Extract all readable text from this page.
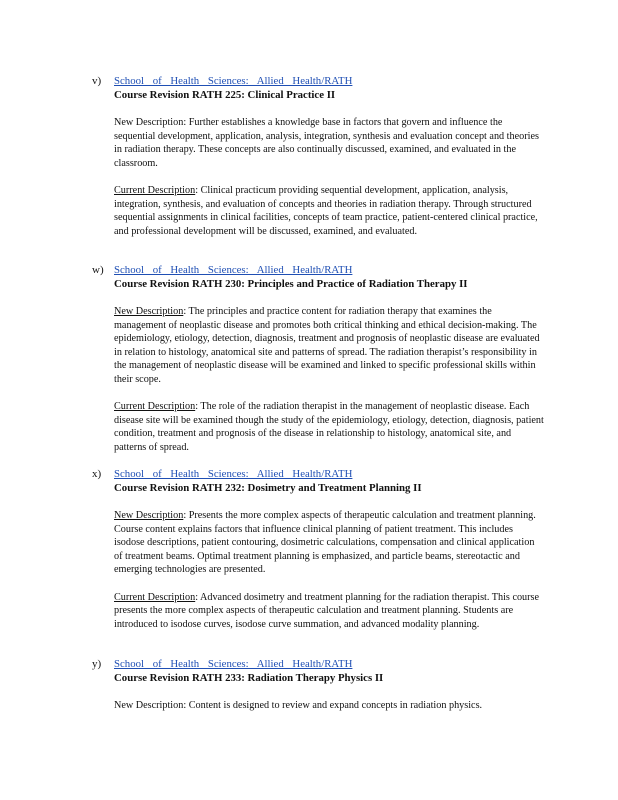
v) School of Health Sciences: Allied Health/RATH
Course Revision RATH 225: Clinical Practice II

New Description: Further establishes a knowledge base in factors that govern and influence the sequential development, application, analysis, integration, synthesis and evaluation concept and theories in radiation therapy. These concepts are also continually discussed, examined, and evaluated in the classroom.

Current Description: Clinical practicum providing sequential development, application, analysis, integration, synthesis, and evaluation of concepts and theories in radiation therapy. Through structured sequential assignments in clinical facilities, concepts of team practice, patient-centered clinical practice, and professional development will be discussed, examined, and evaluated.

w) School of Health Sciences: Allied Health/RATH
Course Revision RATH 230: Principles and Practice of Radiation Therapy II

New Description: The principles and practice content for radiation therapy that examines the management of neoplastic disease and promotes both critical thinking and ethical decision-making. The epidemiology, etiology, detection, diagnosis, treatment and prognosis of neoplastic disease are evaluated in relation to histology, anatomical site and patterns of spread. The radiation therapist’s responsibility in the management of neoplastic disease will be examined and linked to specific professional skills within their scope.

Current Description: The role of the radiation therapist in the management of neoplastic disease. Each disease site will be examined though the study of the epidemiology, etiology, detection, diagnosis, patient condition, treatment and prognosis of the disease in relationship to histology, anatomical site, and patterns of spread.

x) School of Health Sciences: Allied Health/RATH
Course Revision RATH 232: Dosimetry and Treatment Planning II

New Description: Presents the more complex aspects of therapeutic calculation and treatment planning. Course content explains factors that influence clinical planning of patient treatment. This includes isodose descriptions, patient contouring, dosimetric calculations, compensation and clinical application of treatment beams. Optimal treatment planning is emphasized, and particle beams, stereotactic and emerging technologies are presented.

Current Description: Advanced dosimetry and treatment planning for the radiation therapist. This course presents the more complex aspects of therapeutic calculation and treatment planning. Students are introduced to isodose curves, isodose curve summation, and advanced modality planning.

y) School of Health Sciences: Allied Health/RATH
Course Revision RATH 233: Radiation Therapy Physics II

New Description: Content is designed to review and expand concepts in radiation physics.
